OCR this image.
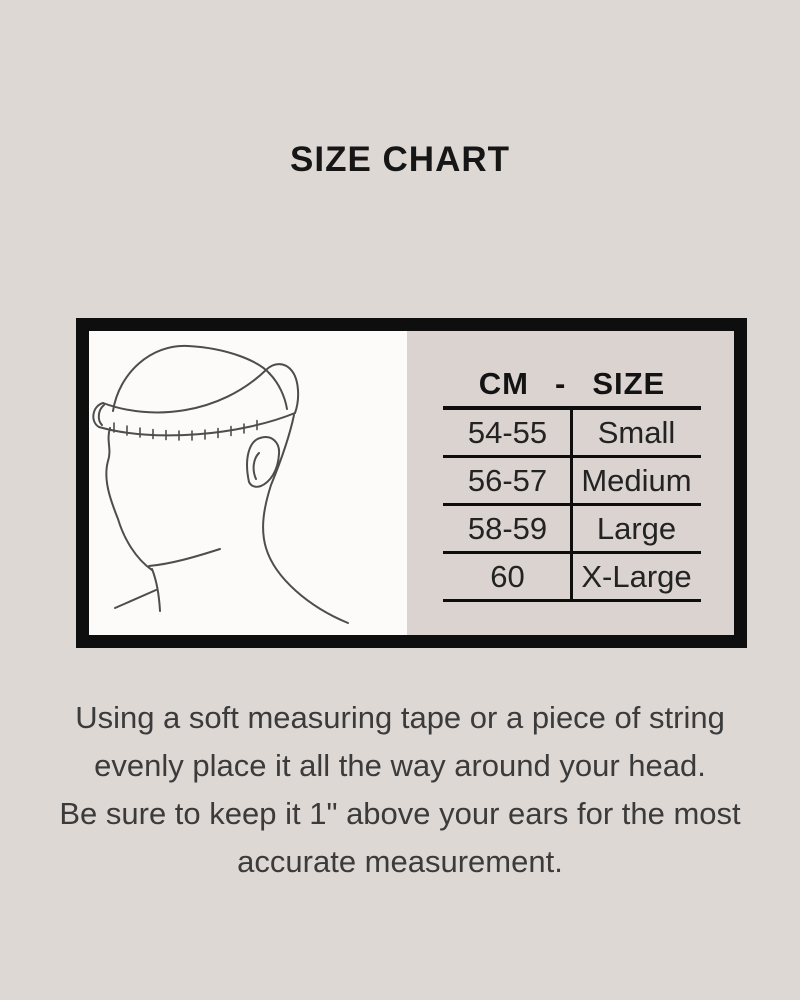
SIZE CHART
CM - SIZE
54-55	Small
56-57	Medium
58-59	Large
60	X-Large
Using a soft measuring tape or a piece of string
evenly place it all the way around your head.
Be sure to keep it 1" above your ears for the most
accurate measurement.
